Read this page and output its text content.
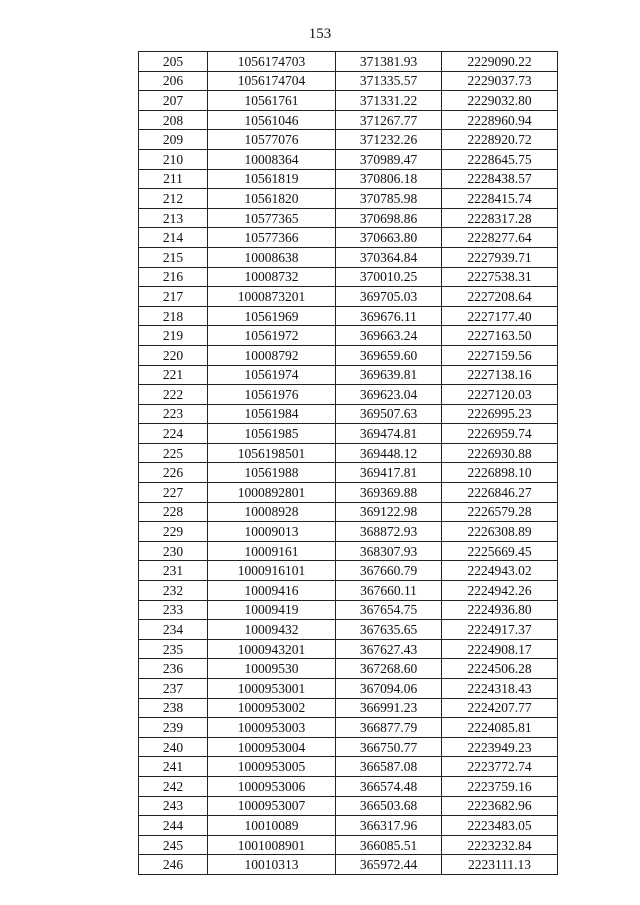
153
205	1056174703	371381.93	2229090.22
206	1056174704	371335.57	2229037.73
207	10561761	371331.22	2229032.80
208	10561046	371267.77	2228960.94
209	10577076	371232.26	2228920.72
210	10008364	370989.47	2228645.75
211	10561819	370806.18	2228438.57
212	10561820	370785.98	2228415.74
213	10577365	370698.86	2228317.28
214	10577366	370663.80	2228277.64
215	10008638	370364.84	2227939.71
216	10008732	370010.25	2227538.31
217	1000873201	369705.03	2227208.64
218	10561969	369676.11	2227177.40
219	10561972	369663.24	2227163.50
220	10008792	369659.60	2227159.56
221	10561974	369639.81	2227138.16
222	10561976	369623.04	2227120.03
223	10561984	369507.63	2226995.23
224	10561985	369474.81	2226959.74
225	1056198501	369448.12	2226930.88
226	10561988	369417.81	2226898.10
227	1000892801	369369.88	2226846.27
228	10008928	369122.98	2226579.28
229	10009013	368872.93	2226308.89
230	10009161	368307.93	2225669.45
231	1000916101	367660.79	2224943.02
232	10009416	367660.11	2224942.26
233	10009419	367654.75	2224936.80
234	10009432	367635.65	2224917.37
235	1000943201	367627.43	2224908.17
236	10009530	367268.60	2224506.28
237	1000953001	367094.06	2224318.43
238	1000953002	366991.23	2224207.77
239	1000953003	366877.79	2224085.81
240	1000953004	366750.77	2223949.23
241	1000953005	366587.08	2223772.74
242	1000953006	366574.48	2223759.16
243	1000953007	366503.68	2223682.96
244	10010089	366317.96	2223483.05
245	1001008901	366085.51	2223232.84
246	10010313	365972.44	2223111.13
